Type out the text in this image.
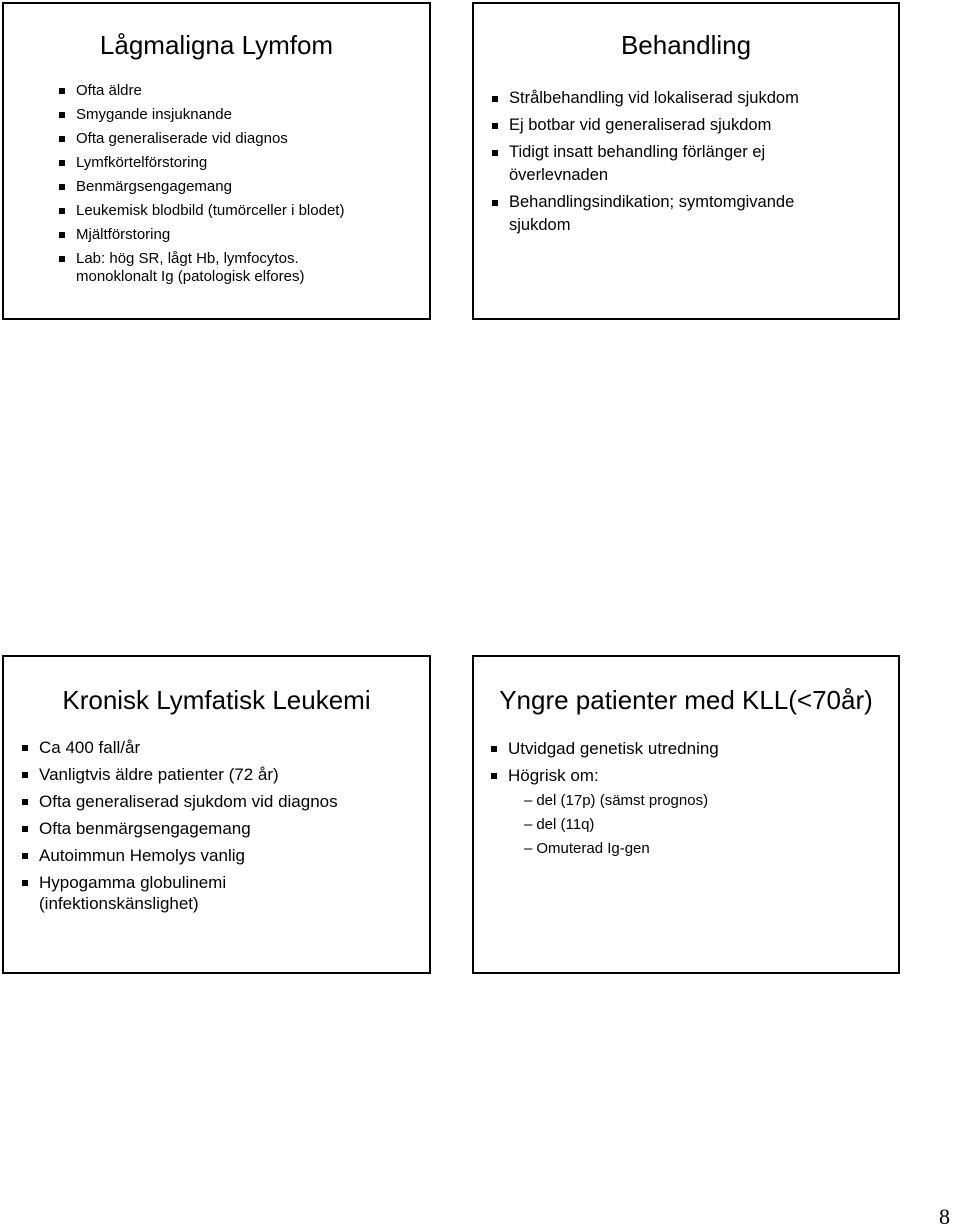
Lågmaligna Lymfom
Ofta äldre
Smygande insjuknande
Ofta generaliserade vid diagnos
Lymfkörtelförstoring
Benmärgsengagemang
Leukemisk blodbild (tumörceller i blodet)
Mjältförstoring
Lab: hög SR, lågt Hb, lymfocytos.
monoklonalt Ig (patologisk elfores)
Behandling
Strålbehandling vid lokaliserad sjukdom
Ej botbar vid generaliserad sjukdom
Tidigt insatt behandling förlänger ej
överlevnaden
Behandlingsindikation; symtomgivande
sjukdom
Kronisk Lymfatisk Leukemi
Ca 400 fall/år
Vanligtvis äldre patienter (72 år)
Ofta generaliserad sjukdom vid diagnos
Ofta benmärgsengagemang
Autoimmun Hemolys vanlig
Hypogamma globulinemi
(infektionskänslighet)
Yngre patienter med KLL(<70år)
Utvidgad genetisk utredning
Högrisk om:
– del (17p) (sämst prognos)
– del (11q)
– Omuterad Ig-gen
8
